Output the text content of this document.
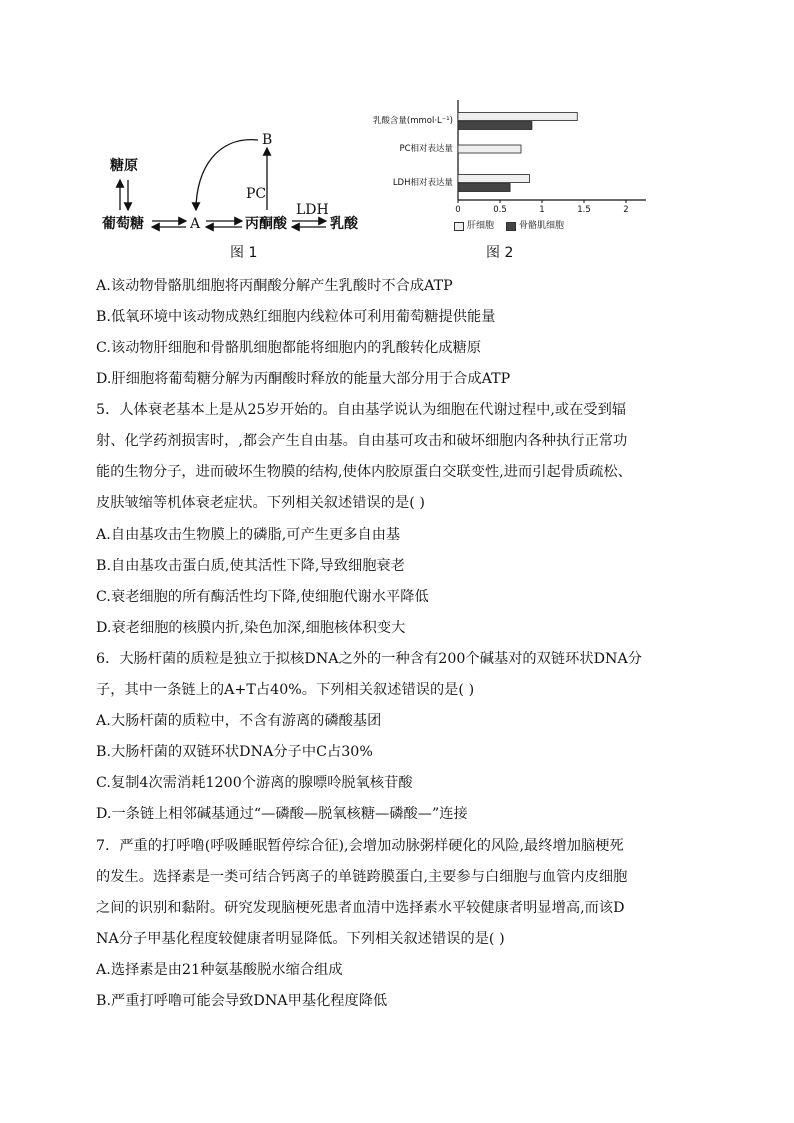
糖原
葡萄糖	A
B
丙酮酸	乳酸
PC
LDH
图 1
0	0.5	1	1.5	2
乳酸含量(mmol·L⁻¹)
PC相对表达量
LDH相对表达量
肝细胞	骨骼肌细胞
图 2
A.该动物骨骼肌细胞将丙酮酸分解产生乳酸时不合成ATP
B.低氧环境中该动物成熟红细胞内线粒体可利用葡萄糖提供能量
C.该动物肝细胞和骨骼肌细胞都能将细胞内的乳酸转化成糖原
D.肝细胞将葡萄糖分解为丙酮酸时释放的能量大部分用于合成ATP
5．人体衰老基本上是从25岁开始的。自由基学说认为细胞在代谢过程中,或在受到辐
射、化学药剂损害时，,都会产生自由基。自由基可攻击和破坏细胞内各种执行正常功
能的生物分子，进而破坏生物膜的结构,使体内胶原蛋白交联变性,进而引起骨质疏松、
皮肤皱缩等机体衰老症状。下列相关叙述错误的是( )
A.自由基攻击生物膜上的磷脂,可产生更多自由基
B.自由基攻击蛋白质,使其活性下降,导致细胞衰老
C.衰老细胞的所有酶活性均下降,使细胞代谢水平降低
D.衰老细胞的核膜内折,染色加深,细胞核体积变大
6．大肠杆菌的质粒是独立于拟核DNA之外的一种含有200个碱基对的双链环状DNA分
子，其中一条链上的A+T占40%。下列相关叙述错误的是( )
A.大肠杆菌的质粒中，不含有游离的磷酸基团
B.大肠杆菌的双链环状DNA分子中C占30%
C.复制4次需消耗1200个游离的腺嘌呤脱氧核苷酸
D.一条链上相邻碱基通过“—磷酸—脱氧核糖—磷酸—”连接
7．严重的打呼噜(呼吸睡眠暂停综合征),会增加动脉粥样硬化的风险,最终增加脑梗死
的发生。选择素是一类可结合钙离子的单链跨膜蛋白,主要参与白细胞与血管内皮细胞
之间的识别和黏附。研究发现脑梗死患者血清中选择素水平较健康者明显增高,而该D
NA分子甲基化程度较健康者明显降低。下列相关叙述错误的是( )
A.选择素是由21种氨基酸脱水缩合组成
B.严重打呼噜可能会导致DNA甲基化程度降低
